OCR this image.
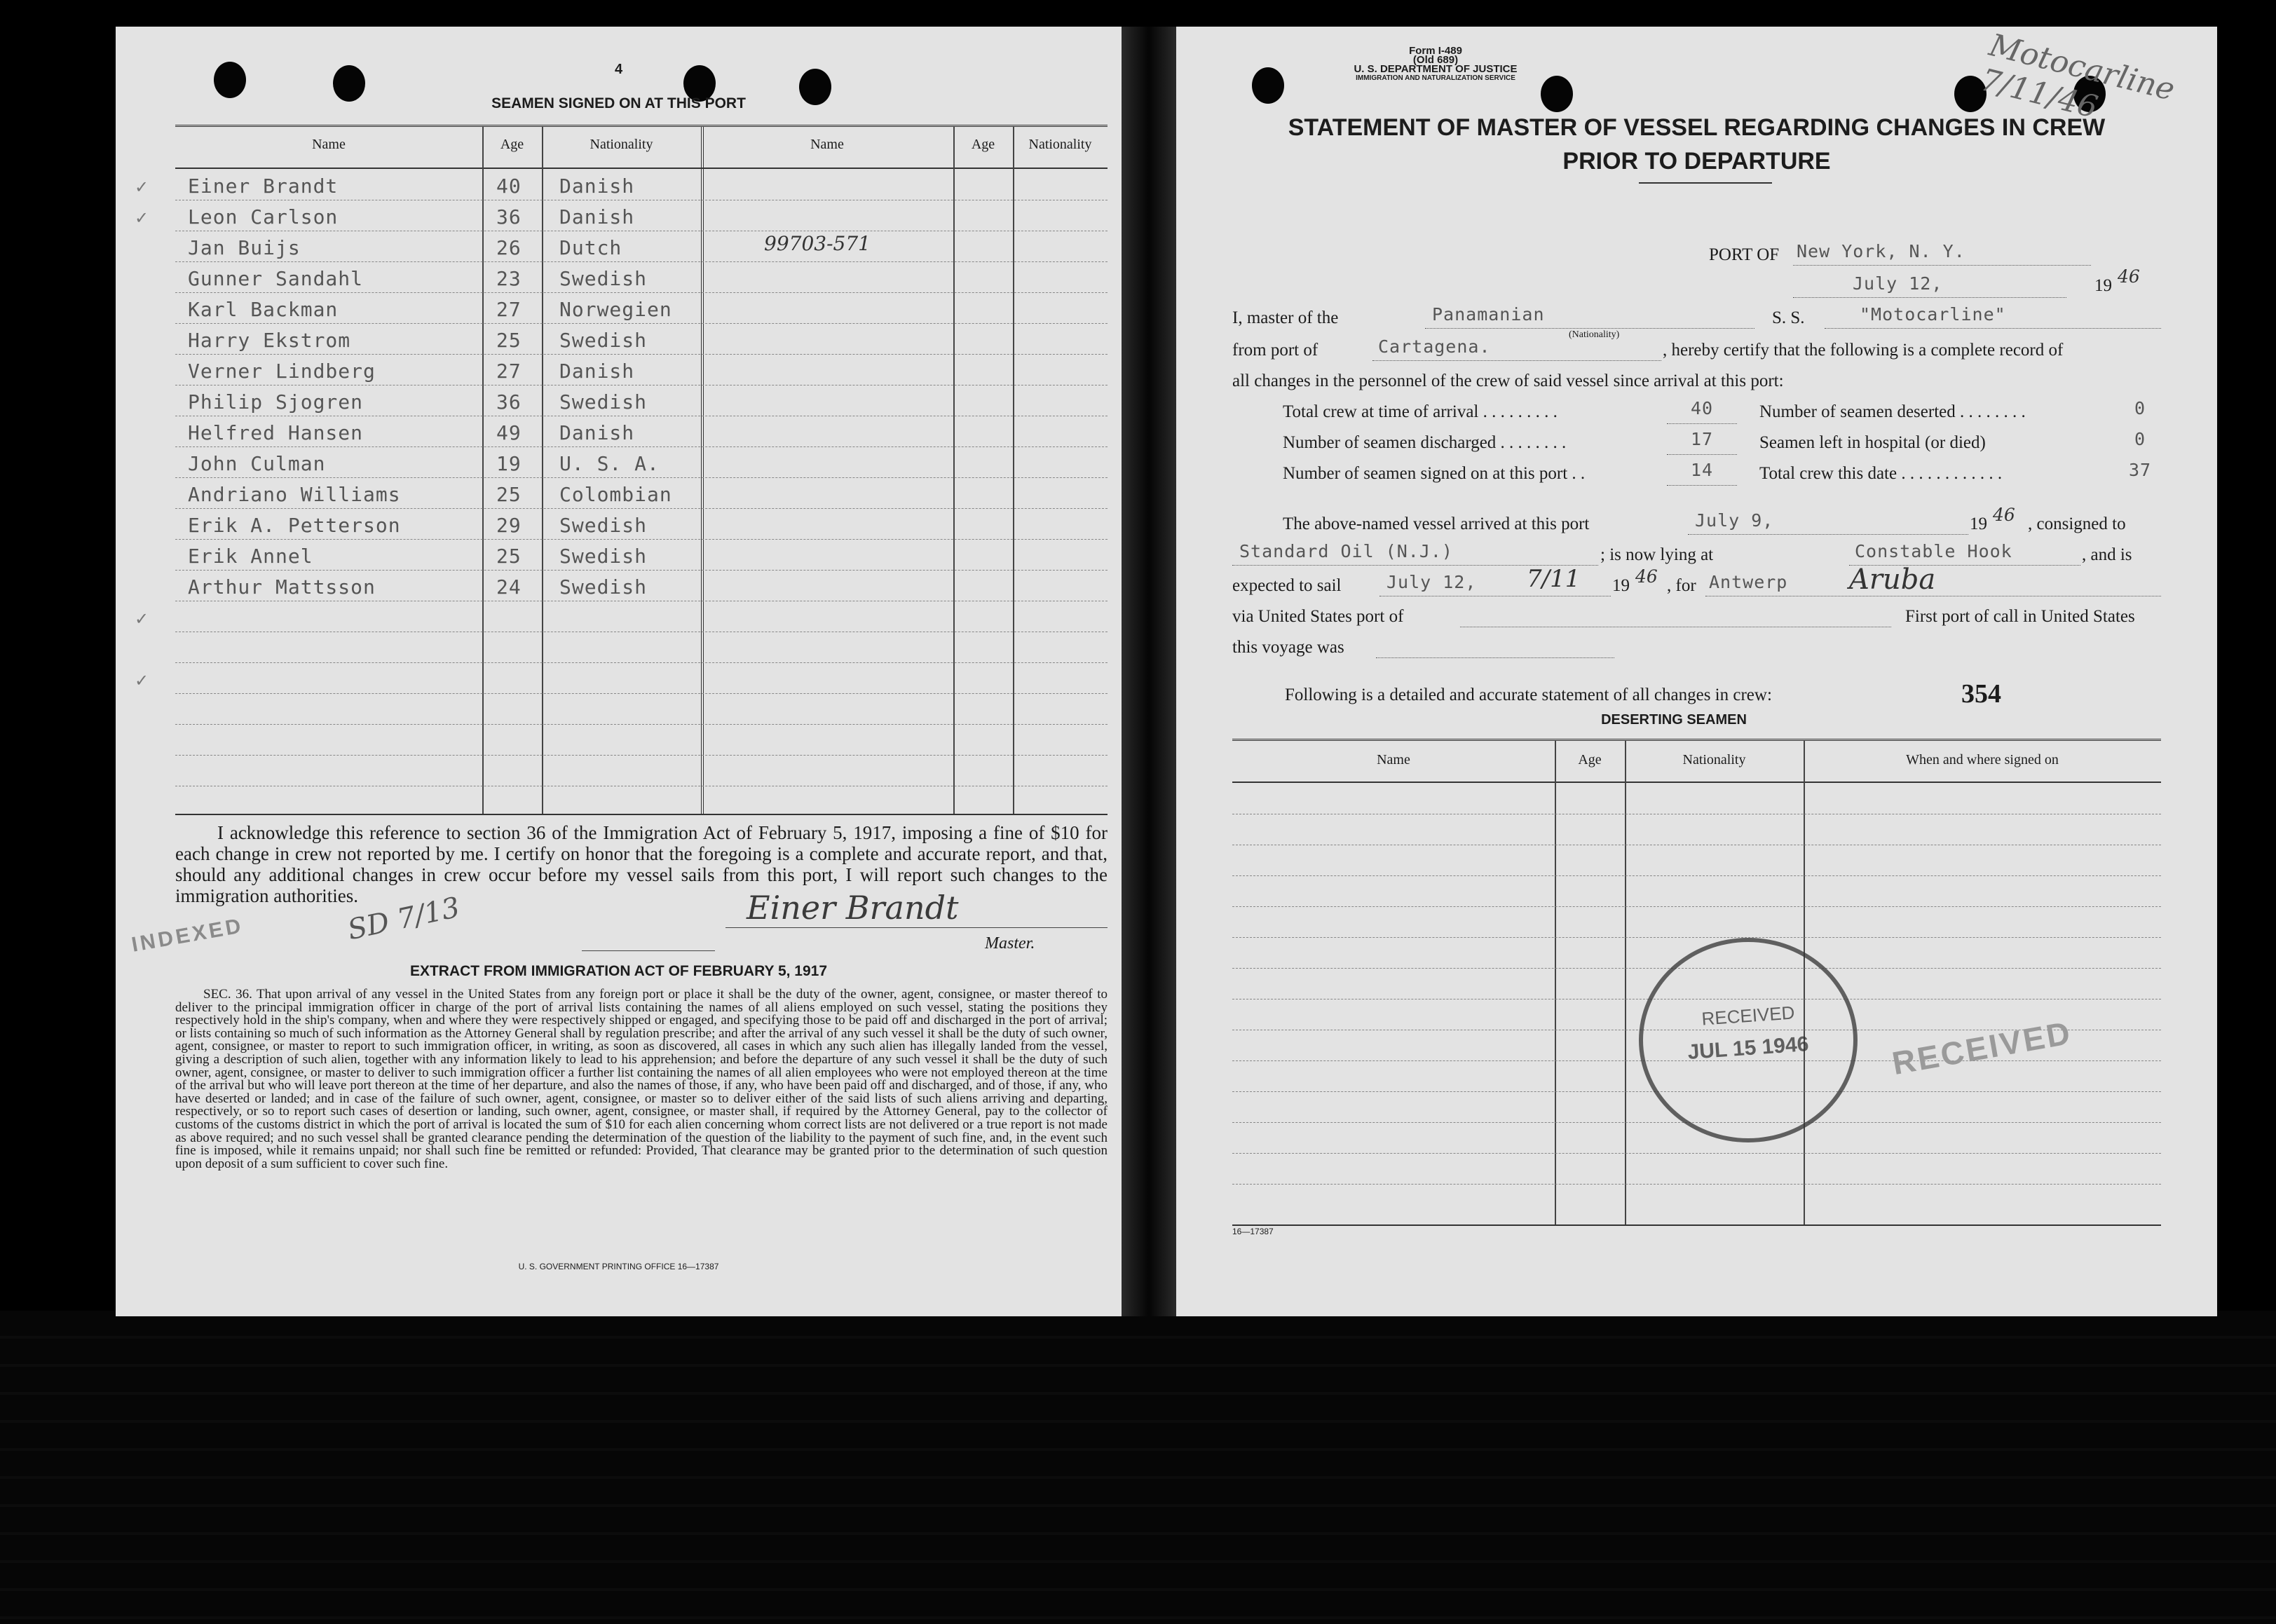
4
SEAMEN SIGNED ON AT THIS PORT
Name	Age	Nationality	Name	Age	Nationality
✓
✓
✓
✓
Einer Brandt	40 Danish
Leon Carlson	36 Danish
Jan Buijs	26 Dutch	99703-571
Gunner Sandahl	23 Swedish
Karl Backman	27 Norwegien
Harry Ekstrom	25 Swedish
Verner Lindberg	27 Danish
Philip Sjogren	36 Swedish
Helfred Hansen	49 Danish
John Culman	19 U. S. A.
Andriano Williams	25 Colombian
Erik A. Petterson	29 Swedish
Erik Annel	25 Swedish
Arthur Mattsson	24 Swedish
I acknowledge this reference to section 36 of the Immigration Act of February 5, 1917, imposing a fine of $10 for each change in crew not reported by me. I certify on honor that the foregoing is a complete and accurate report, and that, should any additional changes in crew occur before my vessel sails from this port, I will report such changes to the immigration authorities.	Einer Brandt
Master.
SD 7/13
INDEXED
EXTRACT FROM IMMIGRATION ACT OF FEBRUARY 5, 1917
SEC. 36. That upon arrival of any vessel in the United States from any foreign port or place it shall be the duty of the owner, agent, consignee, or master thereof to deliver to the principal immigration officer in charge of the port of arrival lists containing the names of all aliens employed on such vessel, stating the positions they respectively hold in the ship's company, when and where they were respectively shipped or engaged, and specifying those to be paid off and discharged in the port of arrival; or lists containing so much of such information as the Attorney General shall by regulation prescribe; and after the arrival of any such vessel it shall be the duty of such owner, agent, consignee, or master to report to such immigration officer, in writing, as soon as discovered, all cases in which any such alien has illegally landed from the vessel, giving a description of such alien, together with any information likely to lead to his apprehension; and before the departure of any such vessel it shall be the duty of such owner, agent, consignee, or master to deliver to such immigration officer a further list containing the names of all alien employees who were not employed thereon at the time of the arrival but who will leave port thereon at the time of her departure, and also the names of those, if any, who have been paid off and discharged, and of those, if any, who have deserted or landed; and in case of the failure of such owner, agent, consignee, or master so to deliver either of the said lists of such aliens arriving and departing, respectively, or so to report such cases of desertion or landing, such owner, agent, consignee, or master shall, if required by the Attorney General, pay to the collector of customs of the customs district in which the port of arrival is located the sum of $10 for each alien concerning whom correct lists are not delivered or a true report is not made as above required; and no such vessel shall be granted clearance pending the determination of the question of the liability to the payment of such fine, and, in the event such fine is imposed, while it remains unpaid; nor shall such fine be remitted or refunded: Provided, That clearance may be granted prior to the determination of such question upon deposit of a sum sufficient to cover such fine.
U. S. GOVERNMENT PRINTING OFFICE 16—17387
Form I-489
(Old 689)
U. S. DEPARTMENT OF JUSTICE
IMMIGRATION AND NATURALIZATION SERVICE	Motocarline 7/11/46
STATEMENT OF MASTER OF VESSEL REGARDING CHANGES IN CREW
PRIOR TO DEPARTURE
PORT OF New York, N. Y.
July 12,	19 46
I, master of the	Panamanian
(Nationality)
S. S.	"Motocarline"
from port of	Cartagena.	, hereby certify that the following is a complete record of
all changes in the personnel of the crew of said vessel since arrival at this port:
Total crew at time of arrival . . . . . . . . .	40	Number of seamen deserted . . . . . . . .	0
Number of seamen discharged . . . . . . . .	17	Seamen left in hospital (or died)	0
Number of seamen signed on at this port . .	14	Total crew this date . . . . . . . . . . . .	37
The above-named vessel arrived at this port	July 9,	19 46 , consigned to
Standard Oil (N.J.)	; is now lying at	Constable Hook	, and is
expected to sail	July 12, 7/11 19 46 , for Antwerp Aruba
via United States port of	First port of call in United States
this voyage was
Following is a detailed and accurate statement of all changes in crew:	354
DESERTING SEAMEN
Name	Age	Nationality	When and where signed on
RECEIVED
JUL 15 1946	RECEIVED
16—17387
